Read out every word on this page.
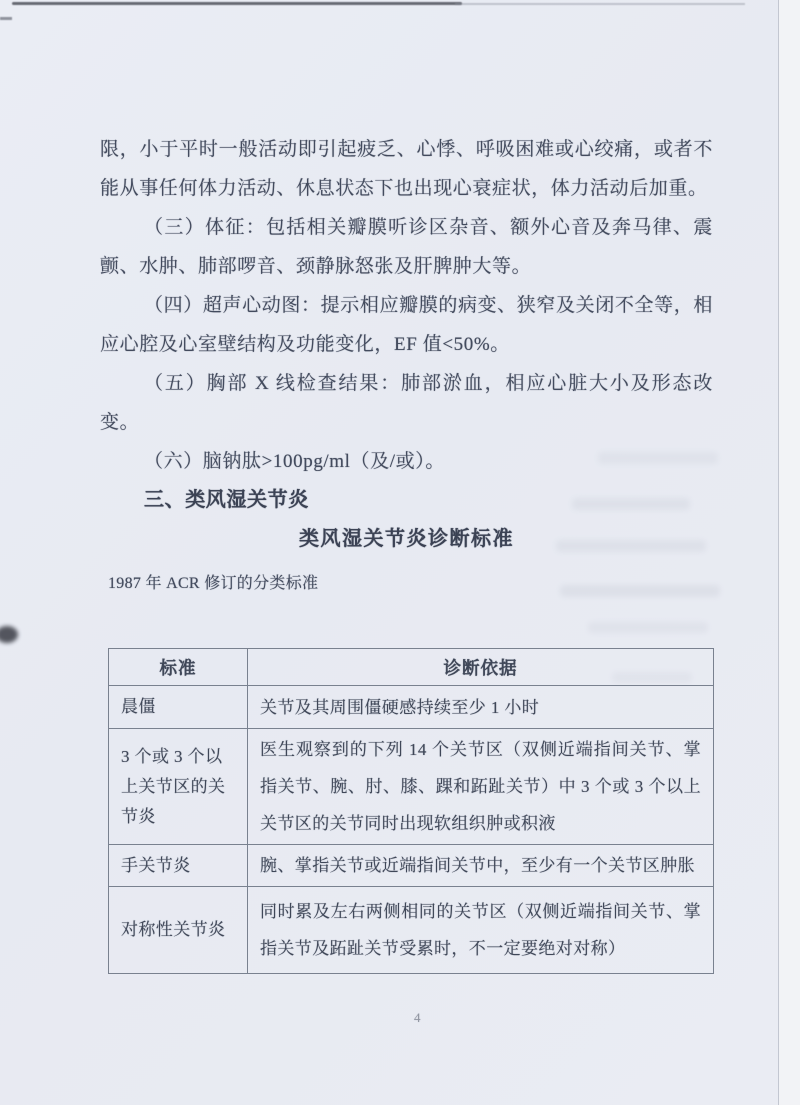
限，小于平时一般活动即引起疲乏、心悸、呼吸困难或心绞痛，或者不能从事任何体力活动、休息状态下也出现心衰症状，体力活动后加重。

（三）体征：包括相关瓣膜听诊区杂音、额外心音及奔马律、震颤、水肿、肺部啰音、颈静脉怒张及肝脾肿大等。

（四）超声心动图：提示相应瓣膜的病变、狭窄及关闭不全等，相应心腔及心室壁结构及功能变化，EF 值<50%。

（五）胸部 X 线检查结果：肺部淤血，相应心脏大小及形态改变。

（六）脑钠肽>100pg/ml（及/或）。

三、类风湿关节炎

类风湿关节炎诊断标准

1987 年 ACR 修订的分类标准

标准	诊断依据
晨僵	关节及其周围僵硬感持续至少 1 小时
3 个或 3 个以上关节区的关节炎	医生观察到的下列 14 个关节区（双侧近端指间关节、掌指关节、腕、肘、膝、踝和跖趾关节）中 3 个或 3 个以上关节区的关节同时出现软组织肿或积液
手关节炎	腕、掌指关节或近端指间关节中，至少有一个关节区肿胀
对称性关节炎	同时累及左右两侧相同的关节区（双侧近端指间关节、掌指关节及跖趾关节受累时，不一定要绝对对称）
4
